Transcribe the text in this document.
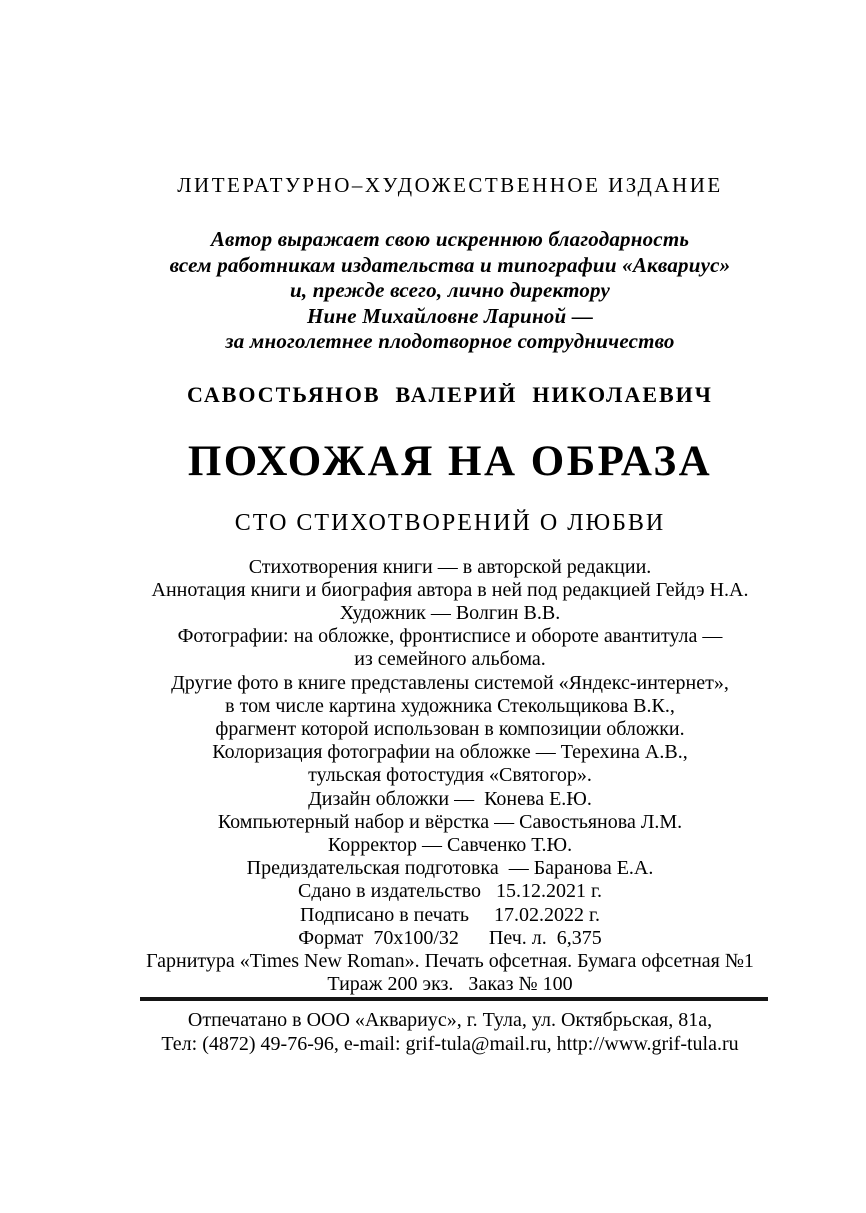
ЛИТЕРАТУРНО–ХУДОЖЕСТВЕННОЕ ИЗДАНИЕ
Автор выражает свою искреннюю благодарность
всем работникам издательства и типографии «Аквариус»
и, прежде всего, лично директору
Нине Михайловне Лариной —
за многолетнее плодотворное сотрудничество
САВОСТЬЯНОВ  ВАЛЕРИЙ  НИКОЛАЕВИЧ
ПОХОЖАЯ НА ОБРАЗА
СТО СТИХОТВОРЕНИЙ О ЛЮБВИ
Стихотворения книги — в авторской редакции.
Аннотация книги и биография автора в ней под редакцией Гейдэ Н.А.
Художник — Волгин В.В.
Фотографии: на обложке, фронтисписе и обороте авантитула —
из семейного альбома.
Другие фото в книге представлены системой «Яндекс-интернет»,
в том числе картина художника Стекольщикова В.К.,
фрагмент которой использован в композиции обложки.
Колоризация фотографии на обложке — Терехина А.В.,
тульская фотостудия «Святогор».
Дизайн обложки —  Конева Е.Ю.
Компьютерный набор и вёрстка — Савостьянова Л.М.
Корректор — Савченко Т.Ю.
Предиздательская подготовка  — Баранова Е.А.
Сдано в издательство   15.12.2021 г.
Подписано в печать     17.02.2022 г.
Формат  70х100/32      Печ. л.  6,375
Гарнитура «Times New Roman». Печать офсетная. Бумага офсетная №1
Тираж 200 экз.   Заказ № 100
Отпечатано в ООО «Аквариус», г. Тула, ул. Октябрьская, 81а,
Тел: (4872) 49-76-96, e-mail: grif-tula@mail.ru, http://www.grif-tula.ru
